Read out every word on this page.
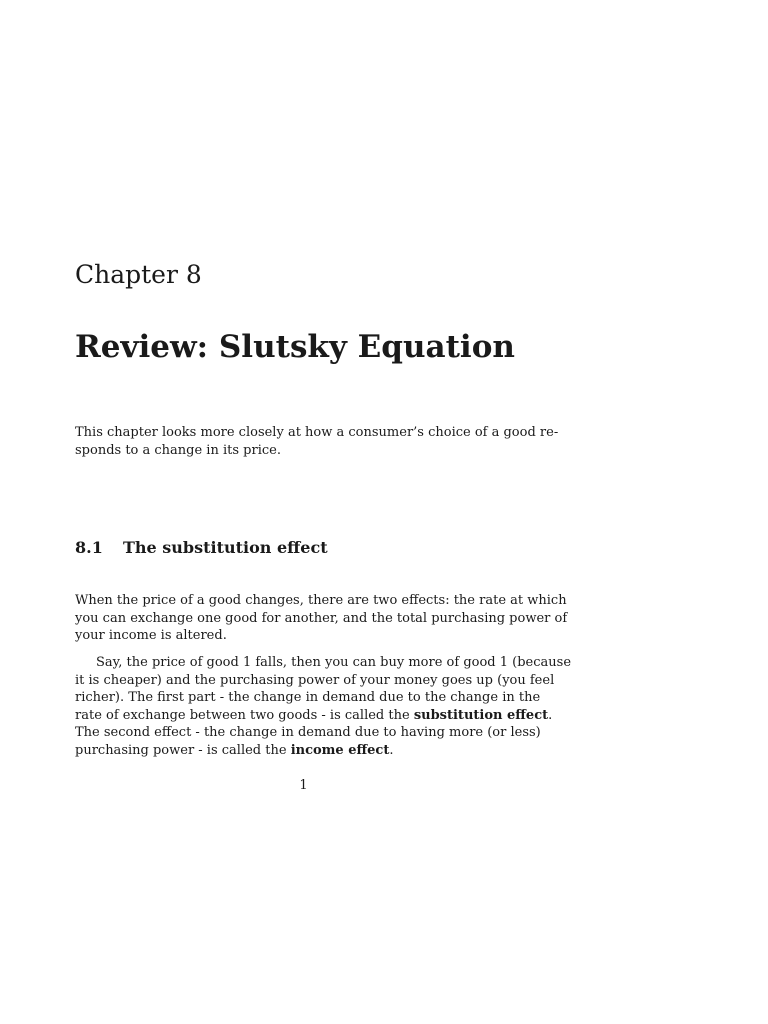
Chapter 8
Review: Slutsky Equation

This chapter looks more closely at how a consumer’s choice of a good re-
sponds to a change in its price.

8.1 The substitution effect

When the price of a good changes, there are two effects: the rate at which
you can exchange one good for another, and the total purchasing power of
your income is altered.

Say, the price of good 1 falls, then you can buy more of good 1 (because
it is cheaper) and the purchasing power of your money goes up (you feel
richer). The first part - the change in demand due to the change in the
rate of exchange between two goods - is called the substitution effect.
The second effect - the change in demand due to having more (or less)
purchasing power - is called the income effect.

1
